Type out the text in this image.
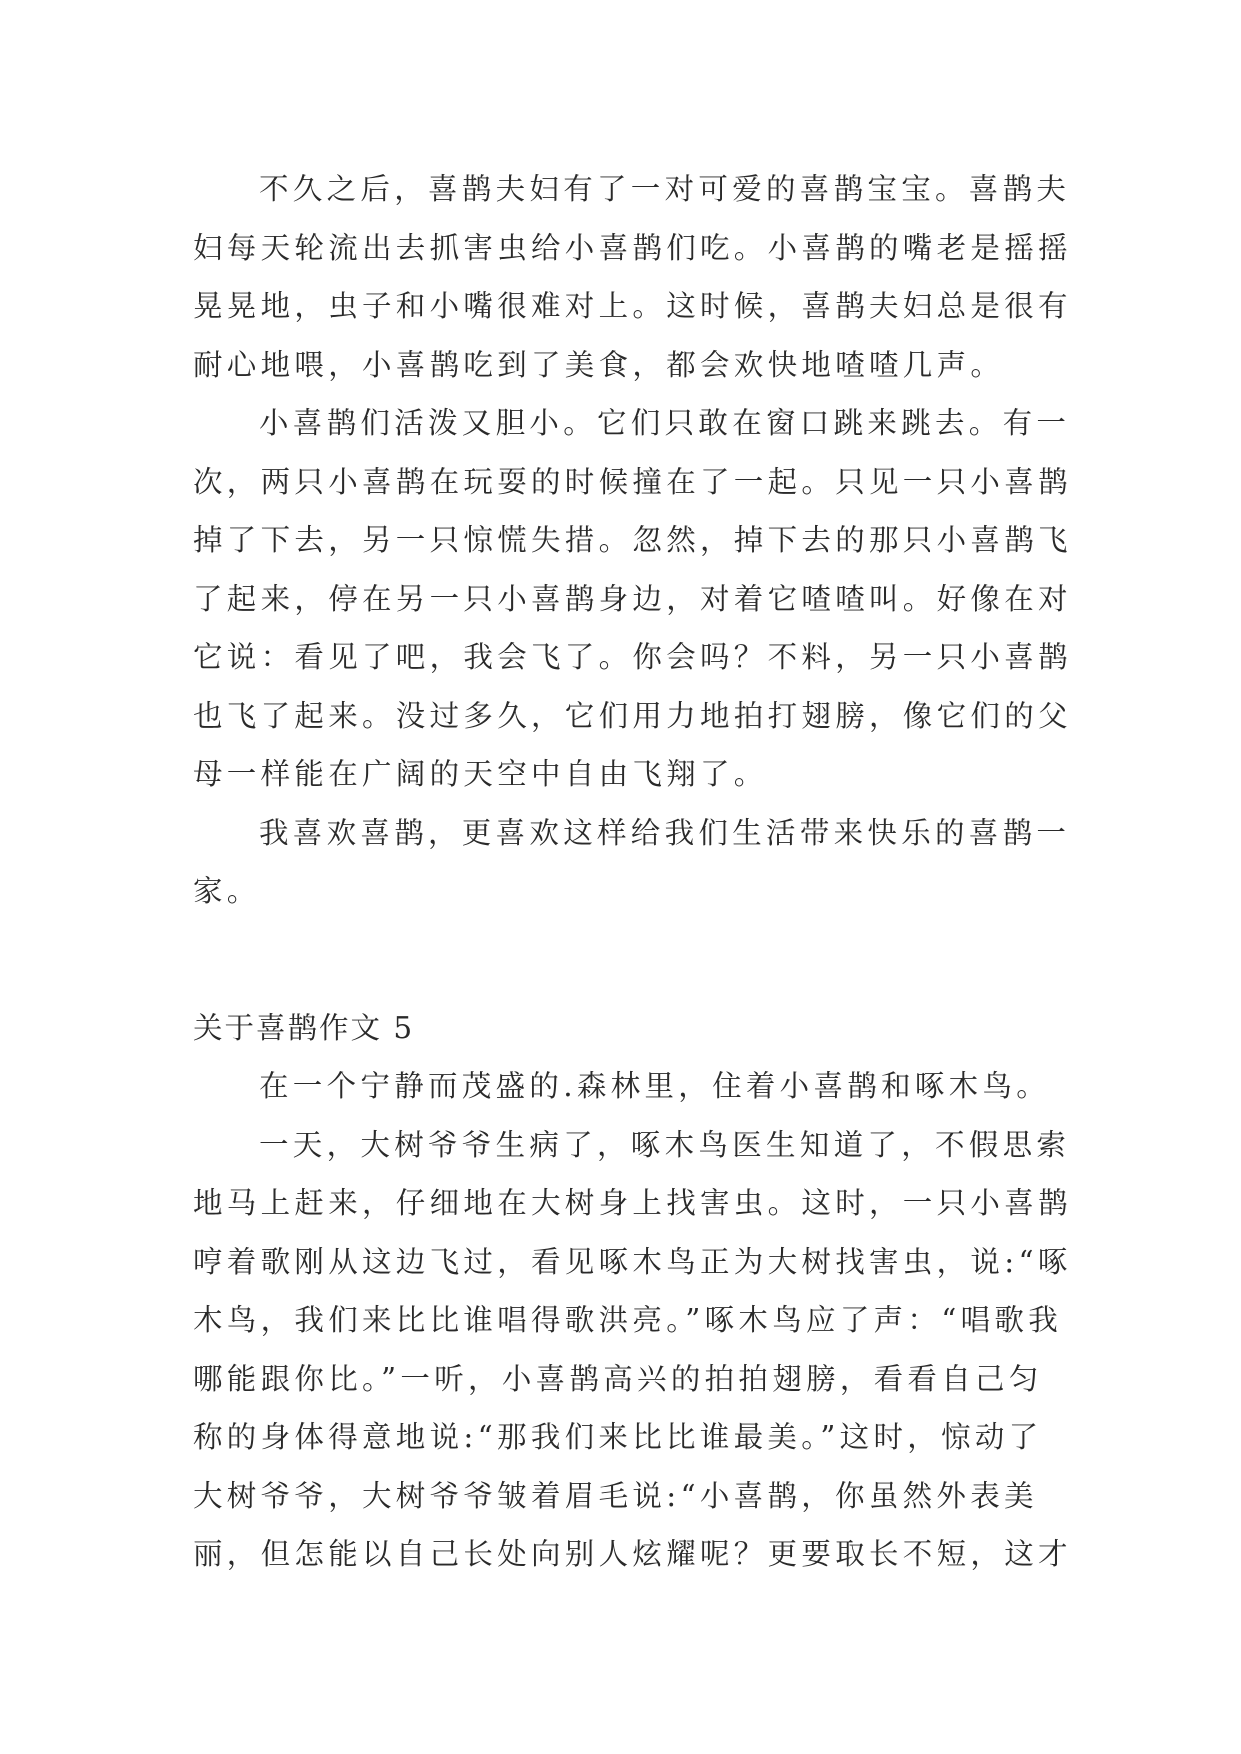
不久之后，喜鹊夫妇有了一对可爱的喜鹊宝宝。喜鹊夫
妇每天轮流出去抓害虫给小喜鹊们吃。小喜鹊的嘴老是摇摇
晃晃地，虫子和小嘴很难对上。这时候，喜鹊夫妇总是很有
耐心地喂，小喜鹊吃到了美食，都会欢快地喳喳几声。
小喜鹊们活泼又胆小。它们只敢在窗口跳来跳去。有一
次，两只小喜鹊在玩耍的时候撞在了一起。只见一只小喜鹊
掉了下去，另一只惊慌失措。忽然，掉下去的那只小喜鹊飞
了起来，停在另一只小喜鹊身边，对着它喳喳叫。好像在对
它说：看见了吧，我会飞了。你会吗？不料，另一只小喜鹊
也飞了起来。没过多久，它们用力地拍打翅膀，像它们的父
母一样能在广阔的天空中自由飞翔了。
我喜欢喜鹊，更喜欢这样给我们生活带来快乐的喜鹊一
家。
关于喜鹊作文 5
在一个宁静而茂盛的.森林里，住着小喜鹊和啄木鸟。
一天，大树爷爷生病了，啄木鸟医生知道了，不假思索
地马上赶来，仔细地在大树身上找害虫。这时，一只小喜鹊
哼着歌刚从这边飞过，看见啄木鸟正为大树找害虫，说:“啄
木鸟，我们来比比谁唱得歌洪亮。”啄木鸟应了声：“唱歌我
哪能跟你比。”一听，小喜鹊高兴的拍拍翅膀，看看自己匀
称的身体得意地说:“那我们来比比谁最美。”这时，惊动了
大树爷爷，大树爷爷皱着眉毛说:“小喜鹊，你虽然外表美
丽，但怎能以自己长处向别人炫耀呢？更要取长不短，这才
